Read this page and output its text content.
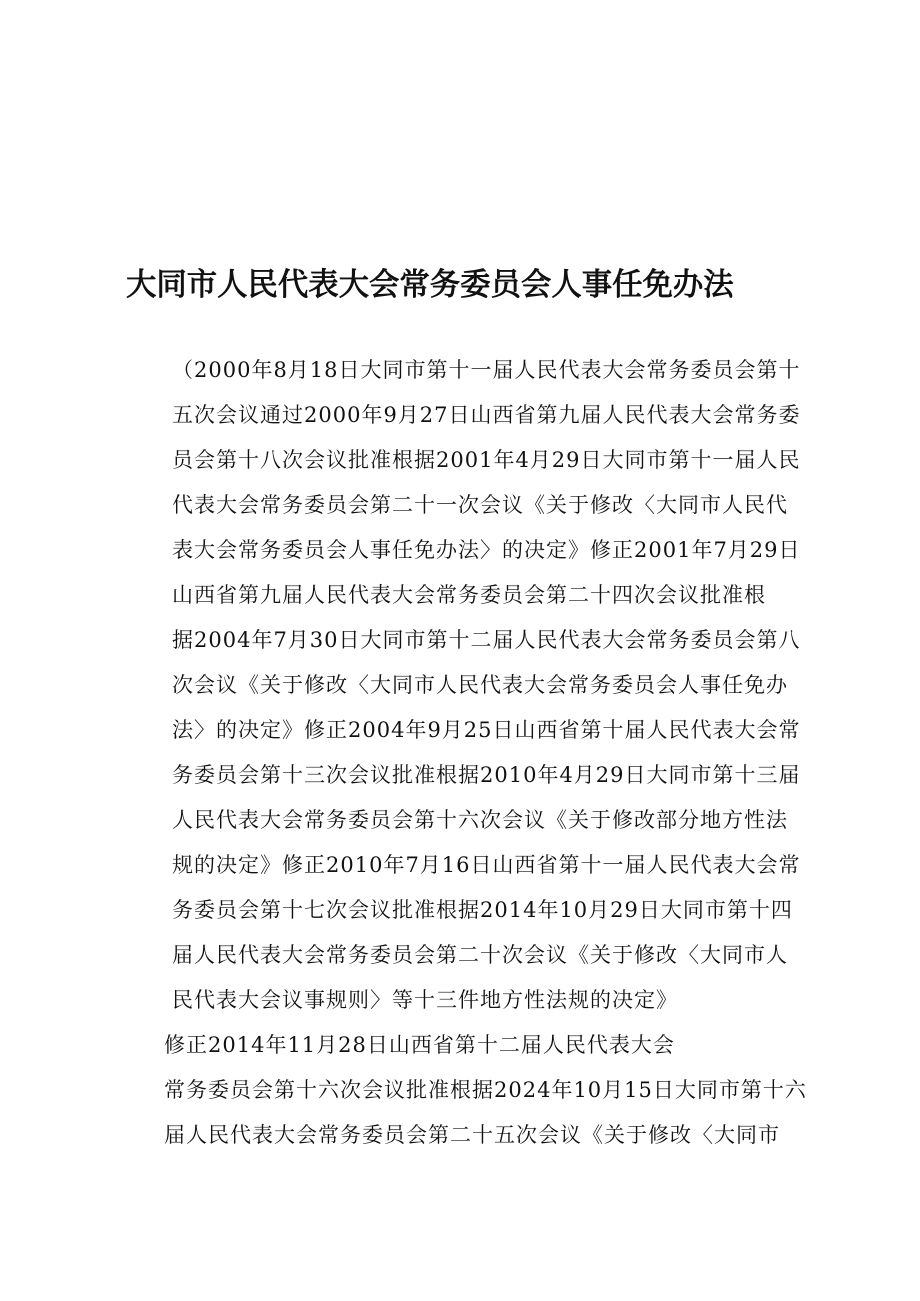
大同市人民代表大会常务委员会人事任免办法
（2000年8月18日大同市第十一届人民代表大会常务委员会第十
五次会议通过2000年9月27日山西省第九届人民代表大会常务委
员会第十八次会议批准根据2001年4月29日大同市第十一届人民
代表大会常务委员会第二十一次会议《关于修改〈大同市人民代
表大会常务委员会人事任免办法〉的决定》修正2001年7月29日
山西省第九届人民代表大会常务委员会第二十四次会议批准根
据2004年7月30日大同市第十二届人民代表大会常务委员会第八
次会议《关于修改〈大同市人民代表大会常务委员会人事任免办
法〉的决定》修正2004年9月25日山西省第十届人民代表大会常
务委员会第十三次会议批准根据2010年4月29日大同市第十三届
人民代表大会常务委员会第十六次会议《关于修改部分地方性法
规的决定》修正2010年7月16日山西省第十一届人民代表大会常
务委员会第十七次会议批准根据2014年10月29日大同市第十四
届人民代表大会常务委员会第二十次会议《关于修改〈大同市人
民代表大会议事规则〉等十三件地方性法规的决定》
修正2014年11月28日山西省第十二届人民代表大会
常务委员会第十六次会议批准根据2024年10月15日大同市第十六
届人民代表大会常务委员会第二十五次会议《关于修改〈大同市
